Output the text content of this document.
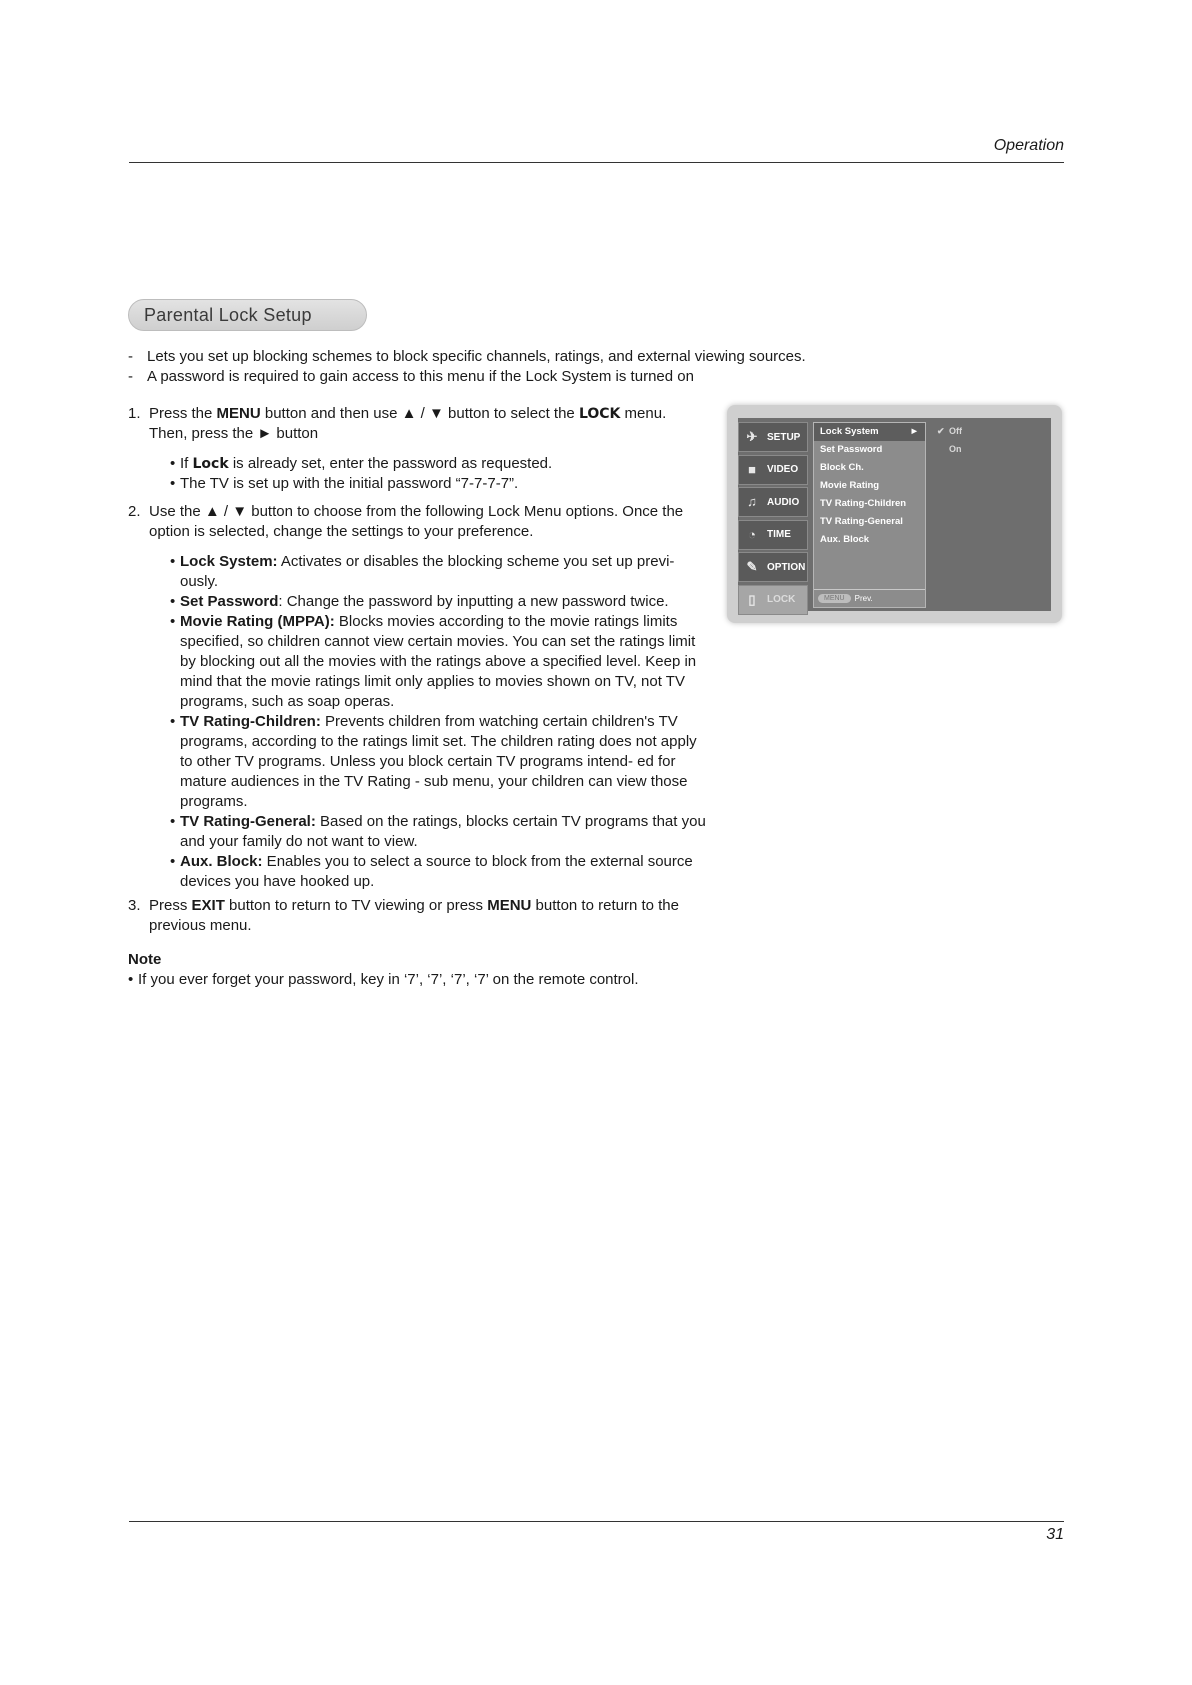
Operation
Parental Lock Setup
- Lets you set up blocking schemes to block specific channels, ratings, and external viewing sources.
- A password is required to gain access to this menu if the Lock System is turned on
1. Press the MENU button and then use ▲ / ▼ button to select the LOCK menu.
Then, press the ► button
• If Lock is already set, enter the password as requested.
• The TV is set up with the initial password “7-7-7-7”.
2. Use the ▲ / ▼ button to choose from the following Lock Menu options. Once the option is selected, change the settings to your preference.
• Lock System: Activates or disables the blocking scheme you set up previ- ously.
• Set Password: Change the password by inputting a new password twice.
• Movie Rating (MPPA): Blocks movies according to the movie ratings limits specified, so children cannot view certain movies. You can set the ratings limit by blocking out all the movies with the ratings above a specified level. Keep in mind that the movie ratings limit only applies to movies shown on TV, not TV programs, such as soap operas.
• TV Rating-Children: Prevents children from watching certain children's TV programs, according to the ratings limit set. The children rating does not apply to other TV programs. Unless you block certain TV programs intend- ed for mature audiences in the TV Rating - sub menu, your children can view those programs.
• TV Rating-General: Based on the ratings, blocks certain TV programs that you and your family do not want to view.
• Aux. Block: Enables you to select a source to block from the external source devices you have hooked up.
3. Press EXIT button to return to TV viewing or press MENU button to return to the previous menu.
Note
• If you ever forget your password, key in ‘7’, ‘7’, ‘7’, ‘7’ on the remote control.
✈ SETUP
■	VIDEO
♫	AUDIO
◔	TIME
✎ OPTION
▯	LOCK
Lock System	►
Set Password
Block Ch.
Movie Rating
TV Rating-Children
TV Rating-General
Aux. Block
MENU	Prev.
✔ Off
On
31
